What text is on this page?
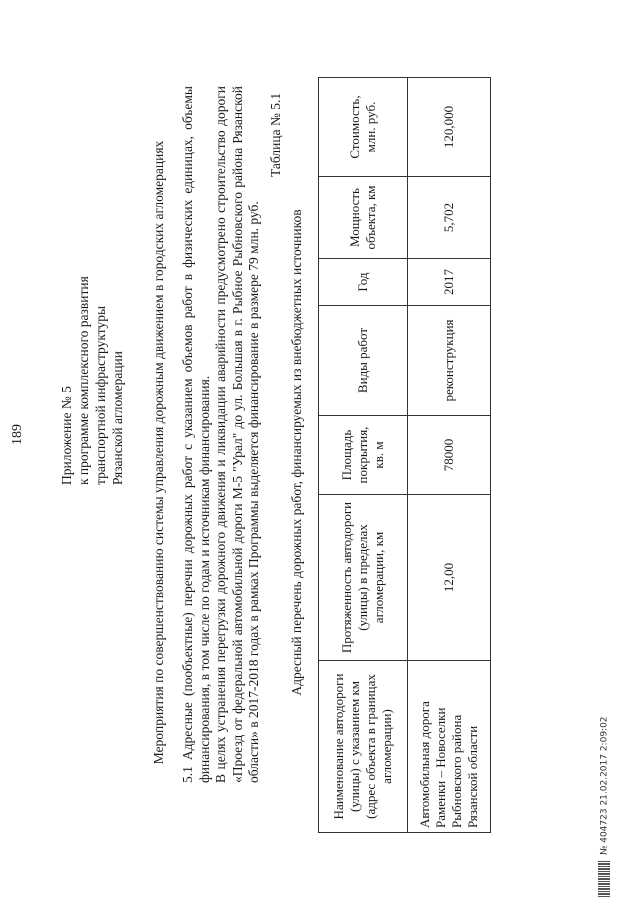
189	Приложение № 5 к программе комплексного развития транспортной инфраструктуры Рязанской агломерации Мероприятия по совершенствованию системы управления дорожным движением в городских агломерациях 5.1 Адресные (пообъектные) перечни дорожных работ с указанием объемов работ в физических единицах, объемы финансирования, в том числе по годам и источникам финансирования. В целях устранения перегрузки дорожного движения и ликвидации аварийности предусмотрено строительство дороги «Проезд от федеральной автомобильной дороги М-5 "Урал" до ул. Большая в г. Рыбное Рыбновского района Рязанской области» в 2017-2018 годах в рамках Программы выделяется финансирование в размере 79 млн. руб.
Таблица № 5.1
Адресный перечень дорожных работ, финансируемых из внебюджетных источников
Наименование автодороги (улицы) с указанием км (адрес объекта в границах агломерации)	Протяженность автодороги (улицы) в пределах агломерации, км	Площадь покрытия, кв. м	Виды работ	Год	Мощность объекта, км	Стоимость, млн. руб.
Автомобильная дорога Раменки – Новоселки Рыбновского района Рязанской области	12,00	78000	реконструкция	2017	5,702	120,000
№ 404723 21.02.2017 2:09:02
